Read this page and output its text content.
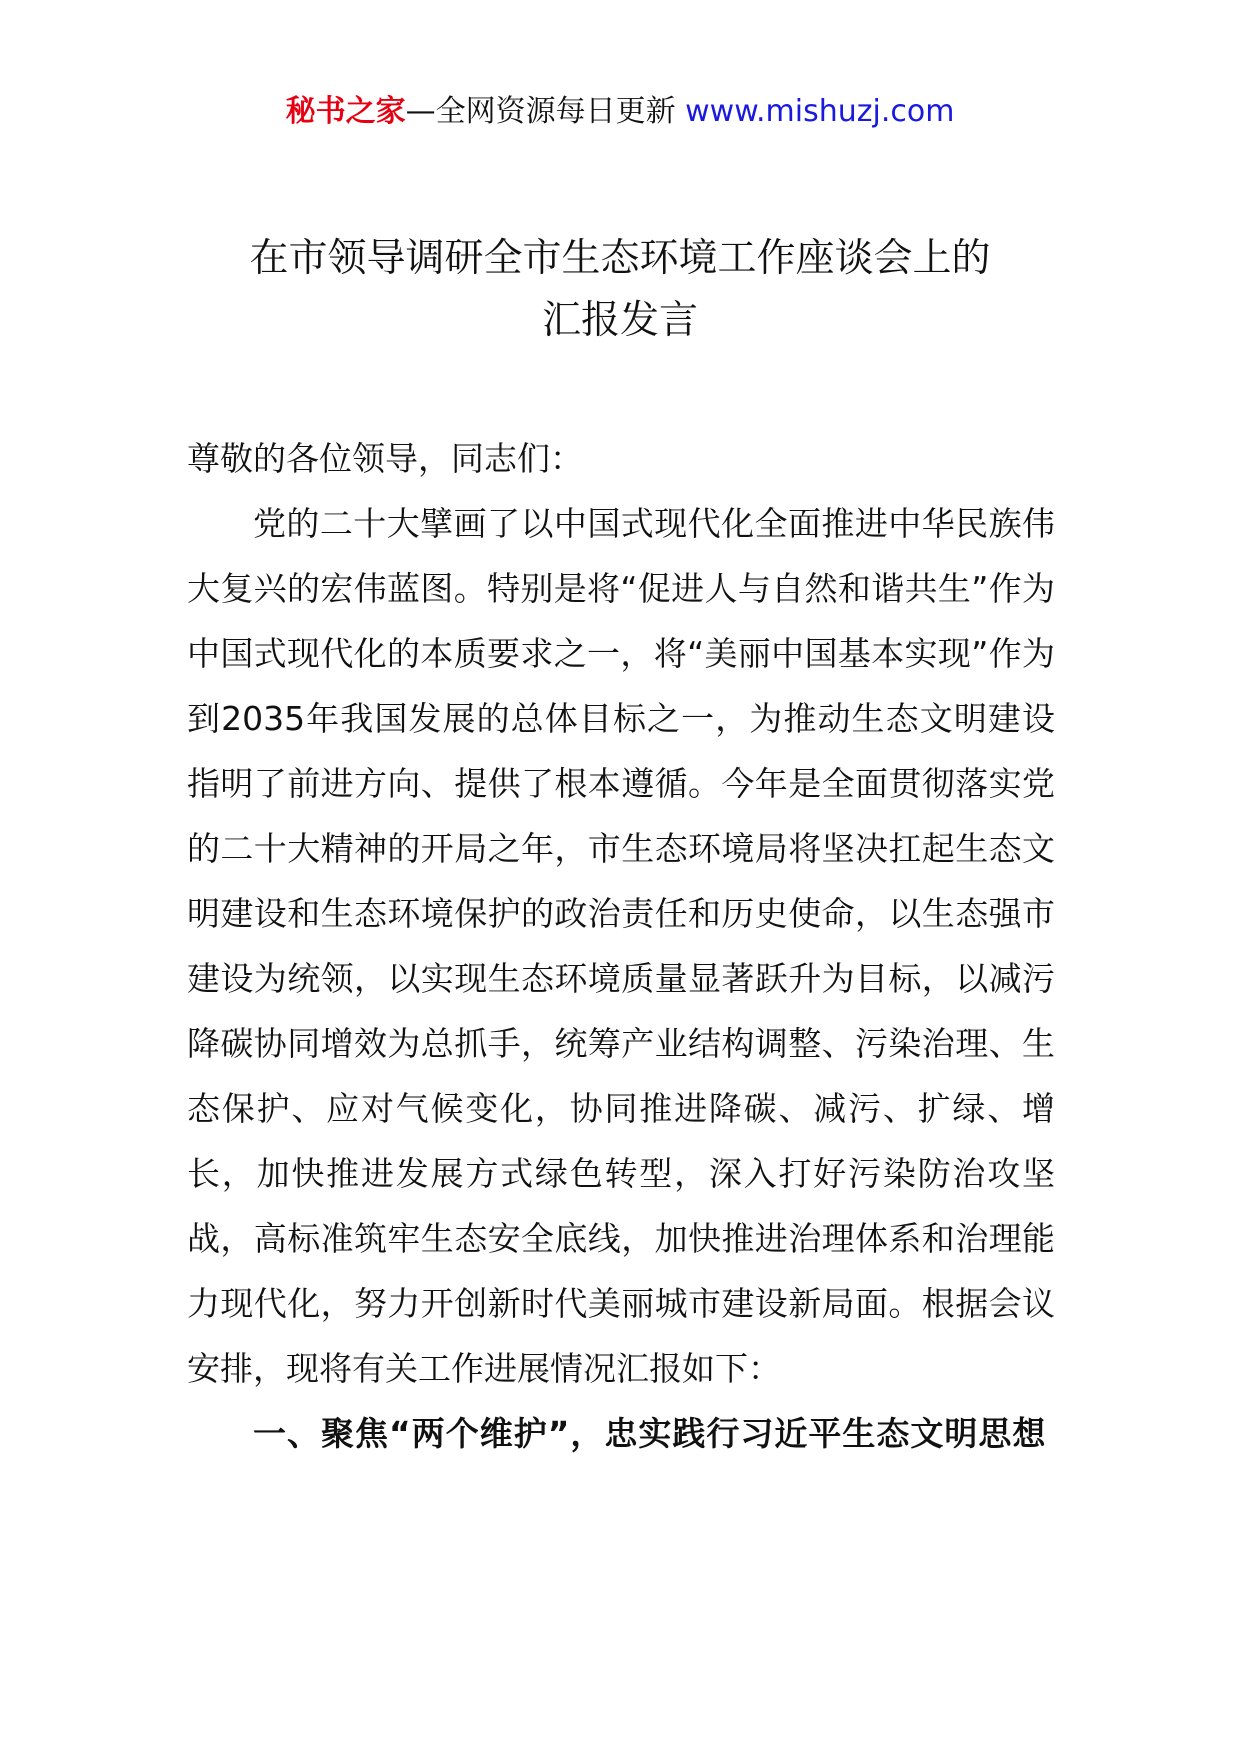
秘书之家—全网资源每日更新 www.mishuzj.com
在市领导调研全市生态环境工作座谈会上的
汇报发言

尊敬的各位领导，同志们：

党的二十大擘画了以中国式现代化全面推进中华民族伟大复兴的宏伟蓝图。特别是将“促进人与自然和谐共生”作为中国式现代化的本质要求之一，将“美丽中国基本实现”作为到2035年我国发展的总体目标之一，为推动生态文明建设指明了前进方向、提供了根本遵循。今年是全面贯彻落实党的二十大精神的开局之年，市生态环境局将坚决扛起生态文明建设和生态环境保护的政治责任和历史使命，以生态强市建设为统领，以实现生态环境质量显著跃升为目标，以减污降碳协同增效为总抓手，统筹产业结构调整、污染治理、生态保护、应对气候变化，协同推进降碳、减污、扩绿、增长，加快推进发展方式绿色转型，深入打好污染防治攻坚战，高标准筑牢生态安全底线，加快推进治理体系和治理能力现代化，努力开创新时代美丽城市建设新局面。根据会议安排，现将有关工作进展情况汇报如下：

一、聚焦“两个维护”，忠实践行习近平生态文明思想
